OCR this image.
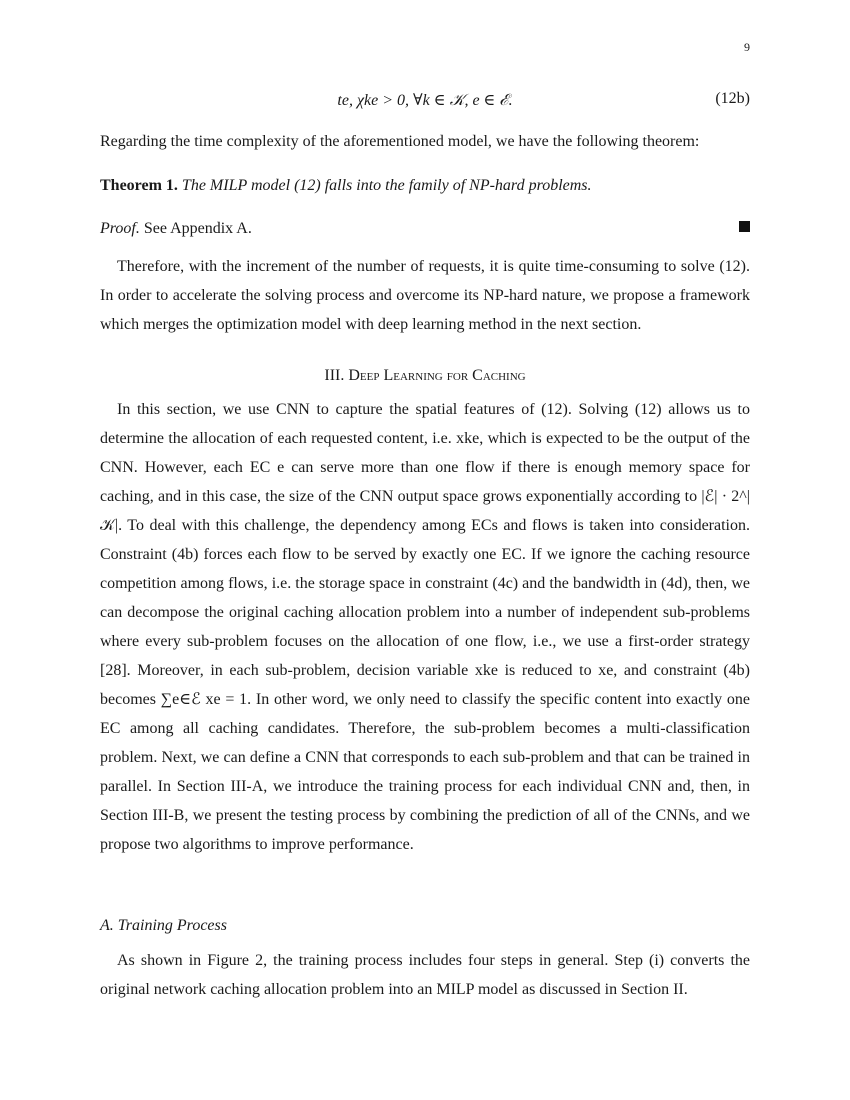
9
te, χke > 0, ∀k ∈ 𝒦, e ∈ ℰ.	(12b)

Regarding the time complexity of the aforementioned model, we have the following theorem:

Theorem 1. The MILP model (12) falls into the family of NP-hard problems.

Proof. See Appendix A.

Therefore, with the increment of the number of requests, it is quite time-consuming to solve (12). In order to accelerate the solving process and overcome its NP-hard nature, we propose a framework which merges the optimization model with deep learning method in the next section.

III. Deep Learning for Caching

In this section, we use CNN to capture the spatial features of (12). Solving (12) allows us to determine the allocation of each requested content, i.e. xke, which is expected to be the output of the CNN. However, each EC e can serve more than one flow if there is enough memory space for caching, and in this case, the size of the CNN output space grows exponentially according to |ℰ| · 2^|𝒦|. To deal with this challenge, the dependency among ECs and flows is taken into consideration. Constraint (4b) forces each flow to be served by exactly one EC. If we ignore the caching resource competition among flows, i.e. the storage space in constraint (4c) and the bandwidth in (4d), then, we can decompose the original caching allocation problem into a number of independent sub-problems where every sub-problem focuses on the allocation of one flow, i.e., we use a first-order strategy [28]. Moreover, in each sub-problem, decision variable xke is reduced to xe, and constraint (4b) becomes ∑e∈ℰ xe = 1. In other word, we only need to classify the specific content into exactly one EC among all caching candidates. Therefore, the sub-problem becomes a multi-classification problem. Next, we can define a CNN that corresponds to each sub-problem and that can be trained in parallel. In Section III-A, we introduce the training process for each individual CNN and, then, in Section III-B, we present the testing process by combining the prediction of all of the CNNs, and we propose two algorithms to improve performance.

A. Training Process

As shown in Figure 2, the training process includes four steps in general. Step (i) converts the original network caching allocation problem into an MILP model as discussed in Section II.
